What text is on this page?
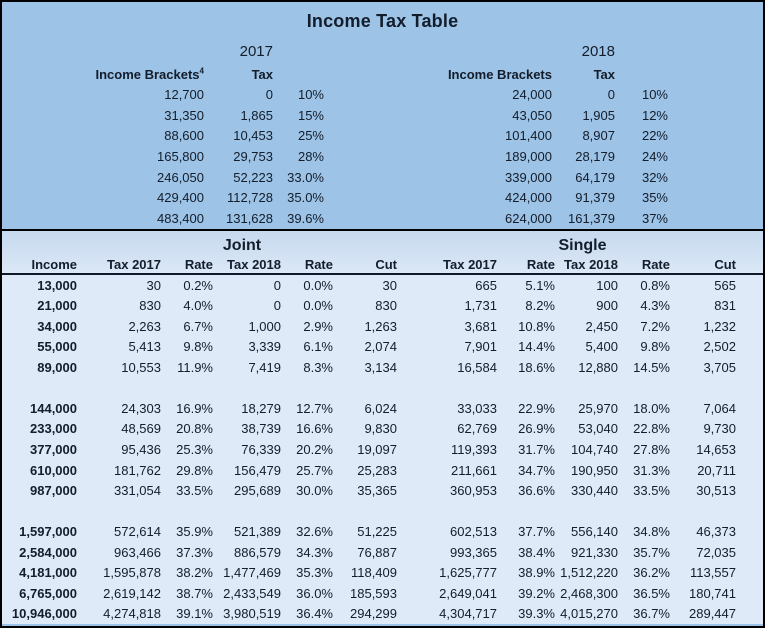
Income Tax Table
2017	2018
Income Brackets$^4$	Tax	Income Brackets	Tax
12,700	0	10%	24,000	0	10%
31,350	1,865	15%	43,050	1,905	12%
88,600	10,453	25%	101,400	8,907	22%
165,800	29,753	28%	189,000	28,179	24%
246,050	52,223	33.0%	339,000	64,179	32%
429,400	112,728	35.0%	424,000	91,379	35%
483,400	131,628	39.6%	624,000	161,379	37%
Joint	Single
Income	Tax 2017	Rate	Tax 2018	Rate	Cut	Tax 2017	Rate Tax 2018	Rate	Cut
13,000	30	0.2%	0	0.0%	30	665	5.1%	100	0.8%	565
21,000	830	4.0%	0	0.0%	830	1,731	8.2%	900	4.3%	831
34,000	2,263	6.7%	1,000	2.9%	1,263	3,681	10.8%	2,450	7.2%	1,232
55,000	5,413	9.8%	3,339	6.1%	2,074	7,901	14.4%	5,400	9.8%	2,502
89,000	10,553	11.9%	7,419	8.3%	3,134	16,584	18.6%	12,880	14.5%	3,705
144,000	24,303	16.9%	18,279	12.7%	6,024	33,033	22.9%	25,970	18.0%	7,064
233,000	48,569	20.8%	38,739	16.6%	9,830	62,769	26.9%	53,040	22.8%	9,730
377,000	95,436	25.3%	76,339	20.2%	19,097	119,393	31.7%	104,740	27.8%	14,653
610,000	181,762	29.8%	156,479	25.7%	25,283	211,661	34.7%	190,950	31.3%	20,711
987,000	331,054	33.5%	295,689	30.0%	35,365	360,953	36.6%	330,440	33.5%	30,513
1,597,000	572,614	35.9%	521,389	32.6%	51,225	602,513	37.7%	556,140	34.8%	46,373
2,584,000	963,466	37.3%	886,579	34.3%	76,887	993,365	38.4%	921,330	35.7%	72,035
4,181,000	1,595,878	38.2% 1,477,469	35.3%	118,409	1,625,777	38.9% 1,512,220	36.2%	113,557
6,765,000	2,619,142	38.7% 2,433,549	36.0%	185,593	2,649,041	39.2% 2,468,300	36.5%	180,741
10,946,000	4,274,818	39.1% 3,980,519	36.4%	294,299	4,304,717	39.3% 4,015,270	36.7%	289,447
